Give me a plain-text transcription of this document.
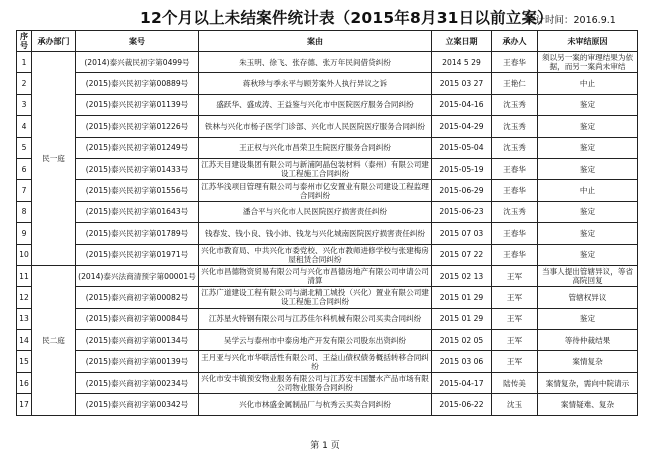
12个月以上未结案件统计表（2015年8月31日以前立案）
统计时间：2016.9.1
序号	承办部门	案号	案由	立案日期	承办人	未审结原因
1	民一庭	(2014)泰兴裁民初字第0499号	朱玉明、徐飞、张存德、张万年民间借贷纠纷	2014 5 29	王春华	须以另一案的审理结果为依据，而另一案尚未审结
2		(2015)泰兴民初字第00889号	蒋秋珍与季永平与顾芳案外人执行异议之诉	2015 03 27	王艳仁	中止
3		(2015)泰兴民初字第01139号	盛跃华、盛成涛、王益鉴与兴化市中医院医疗服务合同纠纷	2015-04-16	沈玉秀	鉴定
4		(2015)泰兴民初字第01226号	铁林与兴化市杨子医学门诊部、兴化市人民医院医疗服务合同纠纷	2015-04-29	沈玉秀	鉴定
5		(2015)泰兴民初字第01249号	王正权与兴化市昌荣卫生院医疗服务合同纠纷	2015-05-04	沈玉秀	鉴定
6		(2015)泰兴民初字第01433号	江苏天目建设集团有限公司与新浦阿晶包装材料（泰州）有限公司建设工程施工合同纠纷	2015-05-19	王春华	鉴定
7		(2015)泰兴民初字第01556号	江苏华浅项目管理有限公司与泰州市亿安置业有限公司建设工程监理合同纠纷	2015-06-29	王春华	中止
8		(2015)泰兴民初字第01643号	潘合平与兴化市人民医院医疗损害责任纠纷	2015-06-23	沈玉秀	鉴定
9		(2015)泰兴民初字第01789号	钱春发、钱小良、钱小沛、钱龙与兴化城南医院医疗损害责任纠纷	2015 07 03	王春华	鉴定
10		(2015)泰兴民初字第01971号	兴化市教育局、中共兴化市委党校、兴化市教师进修学校与张建梅房屋租赁合同纠纷	2015 07 22	王春华	鉴定
11	民二庭	(2014)泰兴法商清预字第00001号	兴化市昌德物资贸易有限公司与兴化市昌德房地产有限公司申请公司清算	2015 02 13	王军	当事人提出管辖异议，等省高院回复
12		(2015)泰兴商初字第00082号	江苏广道建设工程有限公司与湖北精工城投（兴化）置业有限公司建设工程施工合同纠纷	2015 01 29	王军	管辖权异议
13		(2015)泰兴商初字第00084号	江苏星火特钢有限公司与江苏佳尔科机械有限公司买卖合同纠纷	2015 01 29	王军	鉴定
14		(2015)泰兴商初字第00134号	吴学云与泰州市中泰房地产开发有限公司股东出资纠纷	2015 02 05	王军	等待仲裁结果
15		(2015)泰兴商初字第00139号	王月亚与兴化市华联活性有限公司、王益山债权债务概括转移合同纠纷	2015 03 06	王军	案情复杂
16		(2015)泰兴商初字第00234号	兴化市安丰镇预安物业服务有限公司与江苏安丰国蟹水产品市场有限公司物业服务合同纠纷	2015-04-17	陆传美	案情复杂，需向中院请示
17		(2015)泰兴商初字第00342号	兴化市林盛金属制品厂与杭秀云买卖合同纠纷	2015-06-22	沈玉	案情疑难、复杂
第 1 页
